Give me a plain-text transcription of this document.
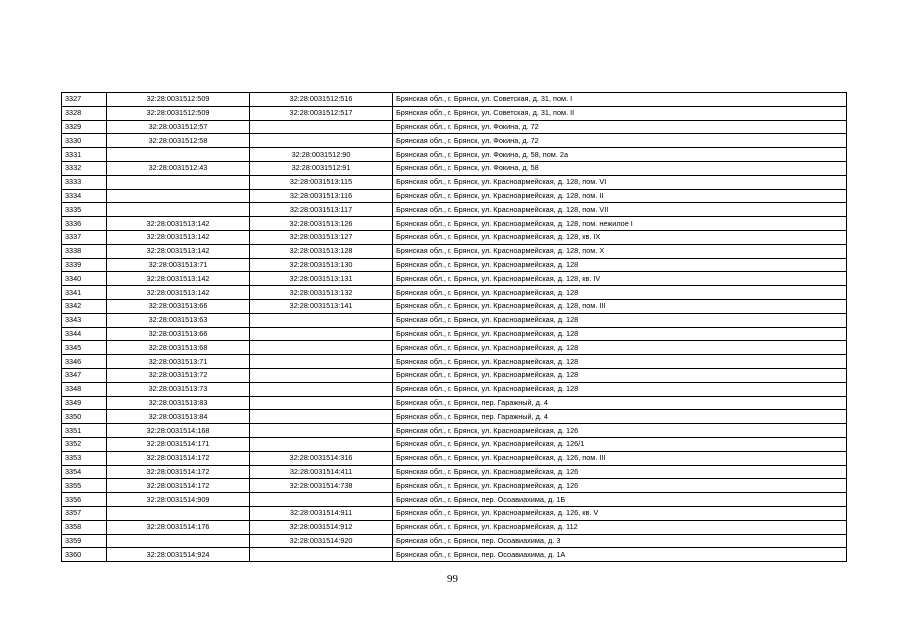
3327	32:28:0031512:509	32:28:0031512:516	Брянская обл., г. Брянск, ул. Советская, д. 31, пом. I
3328	32:28:0031512:509	32:28:0031512:517	Брянская обл., г. Брянск, ул. Советская, д. 31, пом. II
3329	32:28:0031512:57		Брянская обл., г. Брянск, ул. Фокина, д. 72
3330	32:28:0031512:58		Брянская обл., г. Брянск, ул. Фокина, д. 72
3331		32:28:0031512:90	Брянская обл., г. Брянск, ул. Фокина, д. 58, пом. 2а
3332	32:28:0031512:43	32:28:0031512:91	Брянская обл., г. Брянск, ул. Фокина, д. 58
3333		32:28:0031513:115	Брянская обл., г. Брянск, ул. Красноармейская, д. 128, пом. VI
3334		32:28:0031513:116	Брянская обл., г. Брянск, ул. Красноармейская, д. 128, пом. II
3335		32:28:0031513:117	Брянская обл., г. Брянск, ул. Красноармейская, д. 128, пом. VII
3336	32:28:0031513:142	32:28:0031513:126	Брянская обл., г. Брянск, ул. Красноармейская, д. 128, пом. нежилое I
3337	32:28:0031513:142	32:28:0031513:127	Брянская обл., г. Брянск, ул. Красноармейская, д. 128, кв. IX
3338	32:28:0031513:142	32:28:0031513:128	Брянская обл., г. Брянск, ул. Красноармейская, д. 128, пом. X
3339	32:28:0031513:71	32:28:0031513:130	Брянская обл., г. Брянск, ул. Красноармейская, д. 128
3340	32:28:0031513:142	32:28:0031513:131	Брянская обл., г. Брянск, ул. Красноармейская, д. 128, кв. IV
3341	32:28:0031513:142	32:28:0031513:132	Брянская обл., г. Брянск, ул. Красноармейская, д. 128
3342	32:28:0031513:66	32:28:0031513:141	Брянская обл., г. Брянск, ул. Красноармейская, д. 128, пом. III
3343	32:28:0031513:63		Брянская обл., г. Брянск, ул. Красноармейская, д. 128
3344	32:28:0031513:66		Брянская обл., г. Брянск, ул. Красноармейская, д. 128
3345	32:28:0031513:68		Брянская обл., г. Брянск, ул. Красноармейская, д. 128
3346	32:28:0031513:71		Брянская обл., г. Брянск, ул. Красноармейская, д. 128
3347	32:28:0031513:72		Брянская обл., г. Брянск, ул. Красноармейская, д. 128
3348	32:28:0031513:73		Брянская обл., г. Брянск, ул. Красноармейская, д. 128
3349	32:28:0031513:83		Брянская обл., г. Брянск, пер. Гаражный, д. 4
3350	32:28:0031513:84		Брянская обл., г. Брянск, пер. Гаражный, д. 4
3351	32:28:0031514:168		Брянская обл., г. Брянск, ул. Красноармейская, д. 126
3352	32:28:0031514:171		Брянская обл., г. Брянск, ул. Красноармейская, д. 126/1
3353	32:28:0031514:172	32:28:0031514:316	Брянская обл., г. Брянск, ул. Красноармейская, д. 126, пом. III
3354	32:28:0031514:172	32:28:0031514:411	Брянская обл., г. Брянск, ул. Красноармейская, д. 126
3355	32:28:0031514:172	32:28:0031514:738	Брянская обл., г. Брянск, ул. Красноармейская, д. 126
3356	32:28:0031514:909		Брянская обл., г. Брянск, пер. Осоавиахима, д. 1Б
3357		32:28:0031514:911	Брянская обл., г. Брянск, ул. Красноармейская, д. 126, кв. V
3358	32:28:0031514:176	32:28:0031514:912	Брянская обл., г. Брянск, ул. Красноармейская, д. 112
3359		32:28:0031514:920	Брянская обл., г. Брянск, пер. Осоавиахима, д. 3
3360	32:28:0031514:924		Брянская обл., г. Брянск, пер. Осоавиахима, д. 1А
99
